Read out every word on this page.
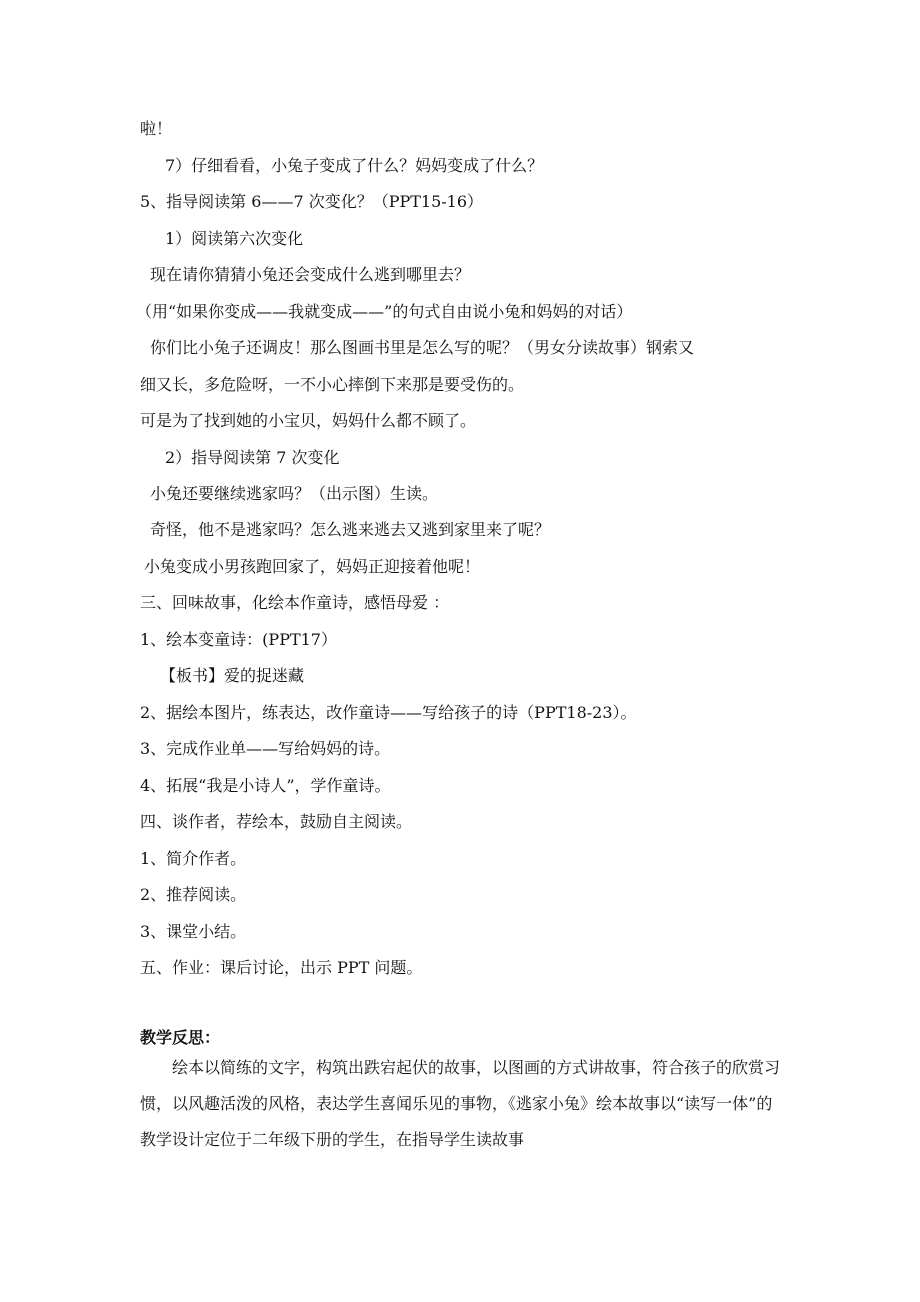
啦！
7）仔细看看，小兔子变成了什么？妈妈变成了什么？
5、指导阅读第 6——7 次变化？（PPT15-16）
1）阅读第六次变化
现在请你猜猜小兔还会变成什么逃到哪里去？
（用“如果你变成——我就变成——”的句式自由说小兔和妈妈的对话）
你们比小兔子还调皮！那么图画书里是怎么写的呢？（男女分读故事）钢索又
细又长，多危险呀，一不小心摔倒下来那是要受伤的。
可是为了找到她的小宝贝，妈妈什么都不顾了。
2）指导阅读第 7 次变化
小兔还要继续逃家吗？（出示图）生读。
奇怪，他不是逃家吗？怎么逃来逃去又逃到家里来了呢？
小兔变成小男孩跑回家了，妈妈正迎接着他呢！
三、回味故事，化绘本作童诗，感悟母爱 ：
1、绘本变童诗：(PPT17）
【板书】爱的捉迷藏
2、据绘本图片，练表达，改作童诗——写给孩子的诗（PPT18-23）。
3、完成作业单——写给妈妈的诗。
4、拓展“我是小诗人”，学作童诗。
四、谈作者，荐绘本，鼓励自主阅读。
1、简介作者。
2、推荐阅读。
3、课堂小结。
五、作业：课后讨论，出示 PPT 问题。
教学反思：
绘本以简练的文字，构筑出跌宕起伏的故事，以图画的方式讲故事，符合孩子的欣赏习惯，以风趣活泼的风格，表达学生喜闻乐见的事物，《逃家小兔》绘本故事以“读写一体”的教学设计定位于二年级下册的学生，在指导学生读故事
